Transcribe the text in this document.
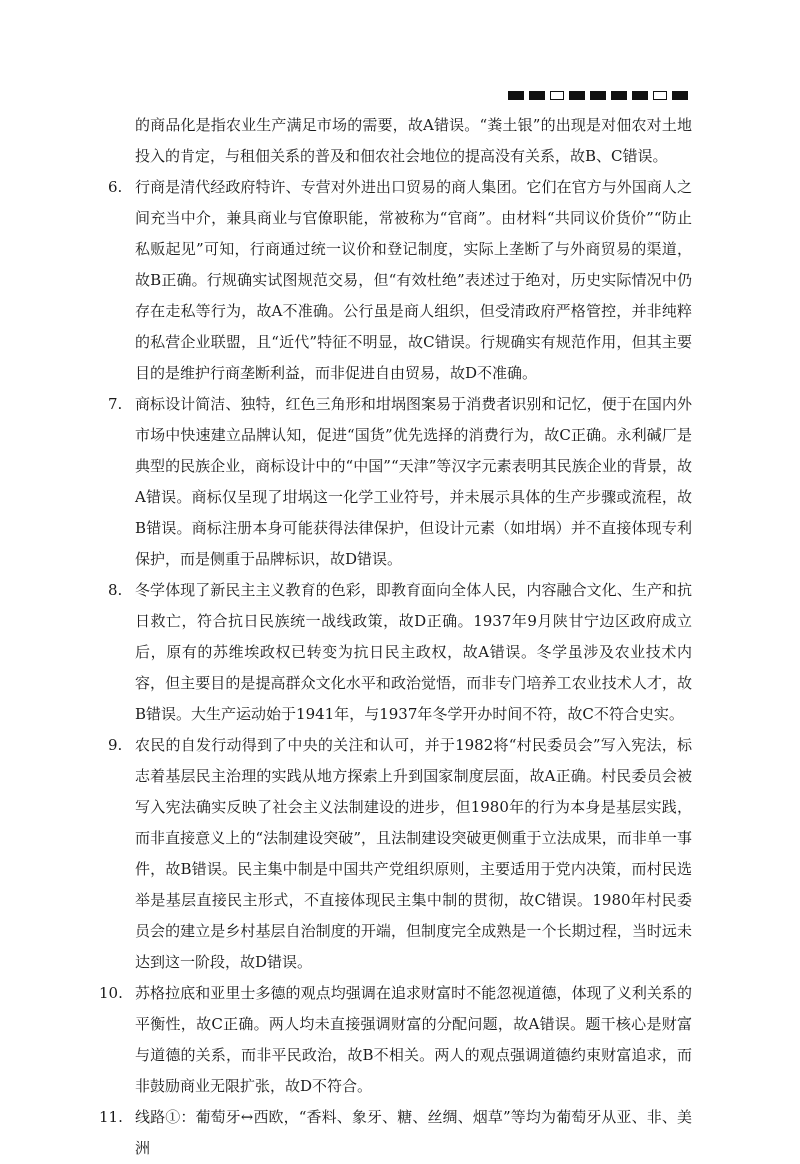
的商品化是指农业生产满足市场的需要，故A错误。“粪土银”的出现是对佃农对土地投入的肯定，与租佃关系的普及和佃农社会地位的提高没有关系，故B、C错误。
6. 行商是清代经政府特许、专营对外进出口贸易的商人集团。它们在官方与外国商人之间充当中介，兼具商业与官僚职能，常被称为“官商”。由材料“共同议价货价”“防止私贩起见”可知，行商通过统一议价和登记制度，实际上垄断了与外商贸易的渠道，故B正确。行规确实试图规范交易，但“有效杜绝”表述过于绝对，历史实际情况中仍存在走私等行为，故A不准确。公行虽是商人组织，但受清政府严格管控，并非纯粹的私营企业联盟，且“近代”特征不明显，故C错误。行规确实有规范作用，但其主要目的是维护行商垄断利益，而非促进自由贸易，故D不准确。
7. 商标设计简洁、独特，红色三角形和坩埚图案易于消费者识别和记忆，便于在国内外市场中快速建立品牌认知，促进“国货”优先选择的消费行为，故C正确。永利碱厂是典型的民族企业，商标设计中的“中国”“天津”等汉字元素表明其民族企业的背景，故A错误。商标仅呈现了坩埚这一化学工业符号，并未展示具体的生产步骤或流程，故B错误。商标注册本身可能获得法律保护，但设计元素（如坩埚）并不直接体现专利保护，而是侧重于品牌标识，故D错误。
8. 冬学体现了新民主主义教育的色彩，即教育面向全体人民，内容融合文化、生产和抗日救亡，符合抗日民族统一战线政策，故D正确。1937年9月陕甘宁边区政府成立后，原有的苏维埃政权已转变为抗日民主政权，故A错误。冬学虽涉及农业技术内容，但主要目的是提高群众文化水平和政治觉悟，而非专门培养工农业技术人才，故B错误。大生产运动始于1941年，与1937年冬学开办时间不符，故C不符合史实。
9. 农民的自发行动得到了中央的关注和认可，并于1982将“村民委员会”写入宪法，标志着基层民主治理的实践从地方探索上升到国家制度层面，故A正确。村民委员会被写入宪法确实反映了社会主义法制建设的进步，但1980年的行为本身是基层实践，而非直接意义上的“法制建设突破”，且法制建设突破更侧重于立法成果，而非单一事件，故B错误。民主集中制是中国共产党组织原则，主要适用于党内决策，而村民选举是基层直接民主形式，不直接体现民主集中制的贯彻，故C错误。1980年村民委员会的建立是乡村基层自治制度的开端，但制度完全成熟是一个长期过程，当时远未达到这一阶段，故D错误。
10. 苏格拉底和亚里士多德的观点均强调在追求财富时不能忽视道德，体现了义利关系的平衡性，故C正确。两人均未直接强调财富的分配问题，故A错误。题干核心是财富与道德的关系，而非平民政治，故B不相关。两人的观点强调道德约束财富追求，而非鼓励商业无限扩张，故D不符合。
11. 线路①：葡萄牙↔西欧，“香料、象牙、糖、丝绸、烟草”等均为葡萄牙从亚、非、美洲
